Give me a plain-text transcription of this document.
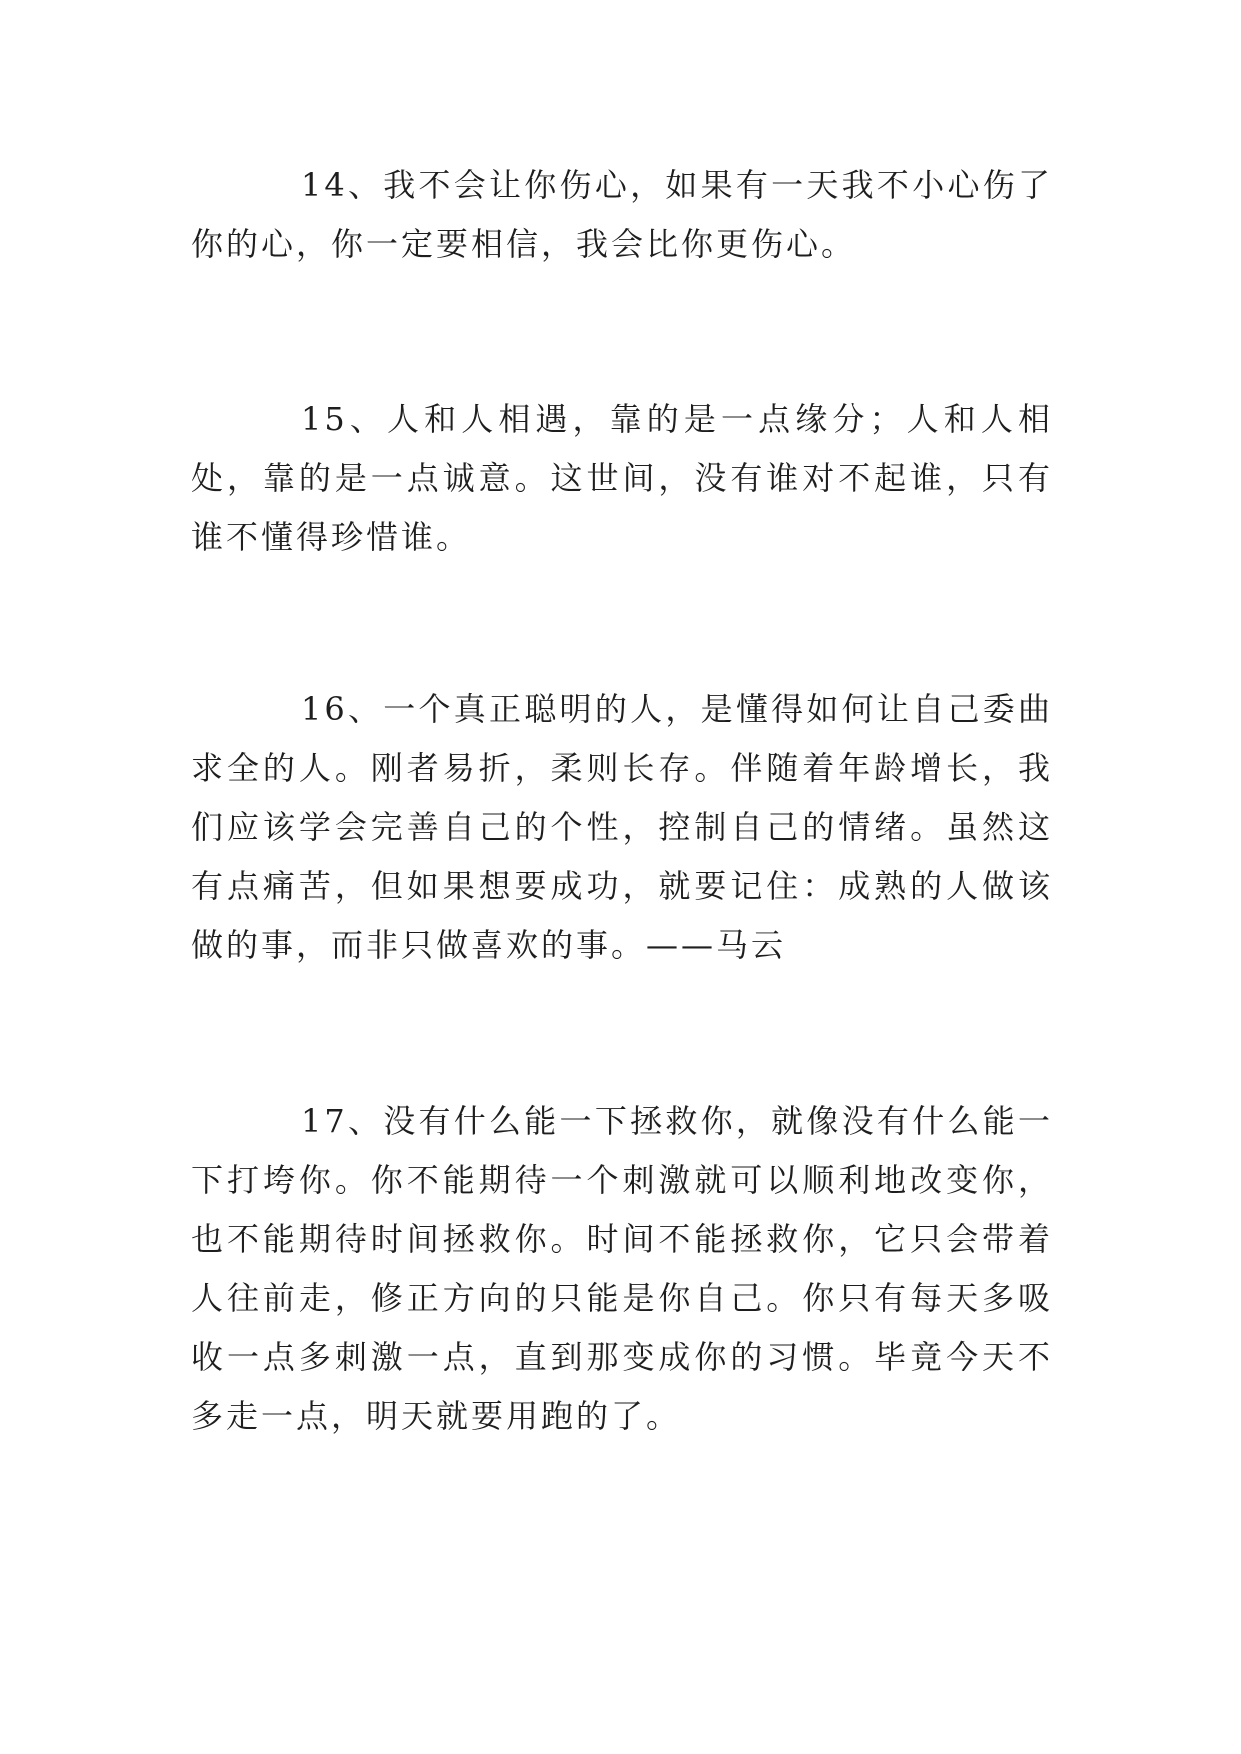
14、我不会让你伤心，如果有一天我不小心伤了你的心，你一定要相信，我会比你更伤心。

15、人和人相遇，靠的是一点缘分；人和人相处，靠的是一点诚意。这世间，没有谁对不起谁，只有谁不懂得珍惜谁。

16、一个真正聪明的人，是懂得如何让自己委曲求全的人。刚者易折，柔则长存。伴随着年龄增长，我们应该学会完善自己的个性，控制自己的情绪。虽然这有点痛苦，但如果想要成功，就要记住：成熟的人做该做的事，而非只做喜欢的事。——马云

17、没有什么能一下拯救你，就像没有什么能一下打垮你。你不能期待一个刺激就可以顺利地改变你，也不能期待时间拯救你。时间不能拯救你，它只会带着人往前走，修正方向的只能是你自己。你只有每天多吸收一点多刺激一点，直到那变成你的习惯。毕竟今天不多走一点，明天就要用跑的了。
